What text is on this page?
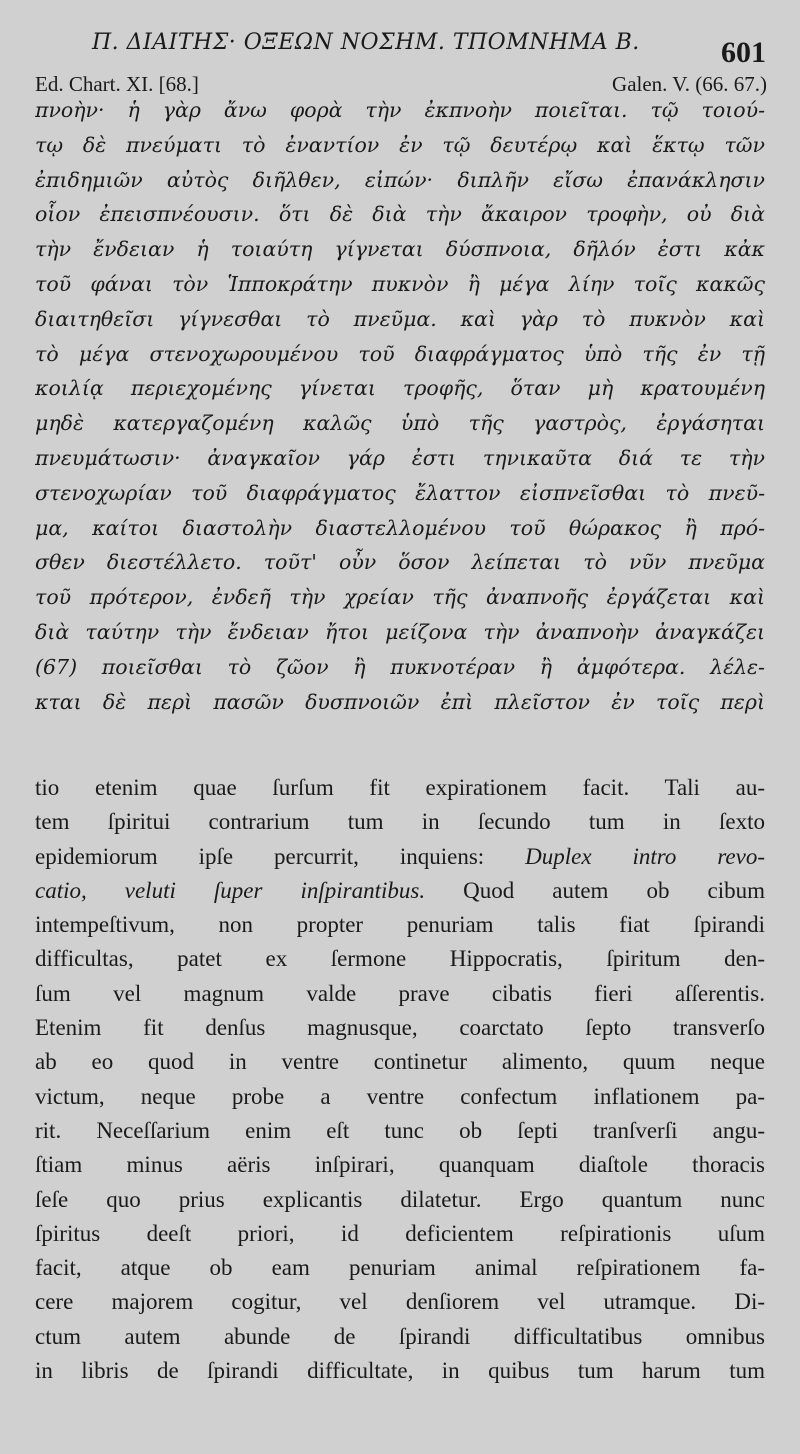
Π. ΔΙΑΙΤΗΣ· ΟΞΕΩΝ ΝΟΣΗΜ. ΤΠΟΜΝΗΜΑ Β.	601
Ed. Chart. XI. [68.]	Galen. V. (66. 67.)
πνοὴν· ἡ γὰρ ἄνω φορὰ τὴν ἐκπνοὴν ποιεῖται. τῷ τοιού-
τῳ δὲ πνεύματι τὸ ἐναντίον ἐν τῷ δευτέρῳ καὶ ἕκτῳ τῶν
ἐπιδημιῶν αὐτὸς διῆλθεν, εἰπών· διπλῆν εἴσω ἐπανάκλησιν
οἷον ἐπεισπνέουσιν. ὅτι δὲ διὰ τὴν ἄκαιρον τροφὴν, οὐ διὰ
τὴν ἔνδειαν ἡ τοιαύτη γίγνεται δύσπνοια, δῆλόν ἐστι κἀκ
τοῦ φάναι τὸν Ἱπποκράτην πυκνὸν ἢ μέγα λίην τοῖς κακῶς
διαιτηθεῖσι γίγνεσθαι τὸ πνεῦμα. καὶ γὰρ τὸ πυκνὸν καὶ
τὸ μέγα στενοχωρουμένου τοῦ διαφράγματος ὑπὸ τῆς ἐν τῇ
κοιλίᾳ περιεχομένης γίνεται τροφῆς, ὅταν μὴ κρατουμένη
μηδὲ κατεργαζομένη καλῶς ὑπὸ τῆς γαστρὸς, ἐργάσηται
πνευμάτωσιν· ἀναγκαῖον γάρ ἐστι τηνικαῦτα διά τε τὴν
στενοχωρίαν τοῦ διαφράγματος ἔλαττον εἰσπνεῖσθαι τὸ πνεῦ-
μα, καίτοι διαστολὴν διαστελλομένου τοῦ θώρακος ἢ πρό-
σθεν διεστέλλετο. τοῦτ' οὖν ὅσον λείπεται τὸ νῦν πνεῦμα
τοῦ πρότερον, ἐνδεῆ τὴν χρείαν τῆς ἀναπνοῆς ἐργάζεται καὶ
διὰ ταύτην τὴν ἔνδειαν ἤτοι μείζονα τὴν ἀναπνοὴν ἀναγκάζει
(67) ποιεῖσθαι τὸ ζῶον ἢ πυκνοτέραν ἢ ἀμφότερα. λέλε-
κται δὲ περὶ πασῶν δυσπνοιῶν ἐπὶ πλεῖστον ἐν τοῖς περὶ
tio etenim quae ſurſum fit expirationem facit. Tali au-
tem ſpiritui contrarium tum in ſecundo tum in ſexto
epidemiorum ipſe percurrit, inquiens: Duplex intro revo-
catio, veluti ſuper inſpirantibus. Quod autem ob cibum
intempeſtivum, non propter penuriam talis fiat ſpirandi
difficultas, patet ex ſermone Hippocratis, ſpiritum den-
ſum vel magnum valde prave cibatis fieri aſſerentis.
Etenim fit denſus magnusque, coarctato ſepto transverſo
ab eo quod in ventre continetur alimento, quum neque
victum, neque probe a ventre confectum inflationem pa-
rit. Neceſſarium enim eſt tunc ob ſepti tranſverſi angu-
ſtiam minus aëris inſpirari, quanquam diaſtole thoracis
ſeſe quo prius explicantis dilatetur. Ergo quantum nunc
ſpiritus deeſt priori, id deficientem reſpirationis uſum
facit, atque ob eam penuriam animal reſpirationem fa-
cere majorem cogitur, vel denſiorem vel utramque. Di-
ctum autem abunde de ſpirandi difficultatibus omnibus
in libris de ſpirandi difficultate, in quibus tum harum tum
